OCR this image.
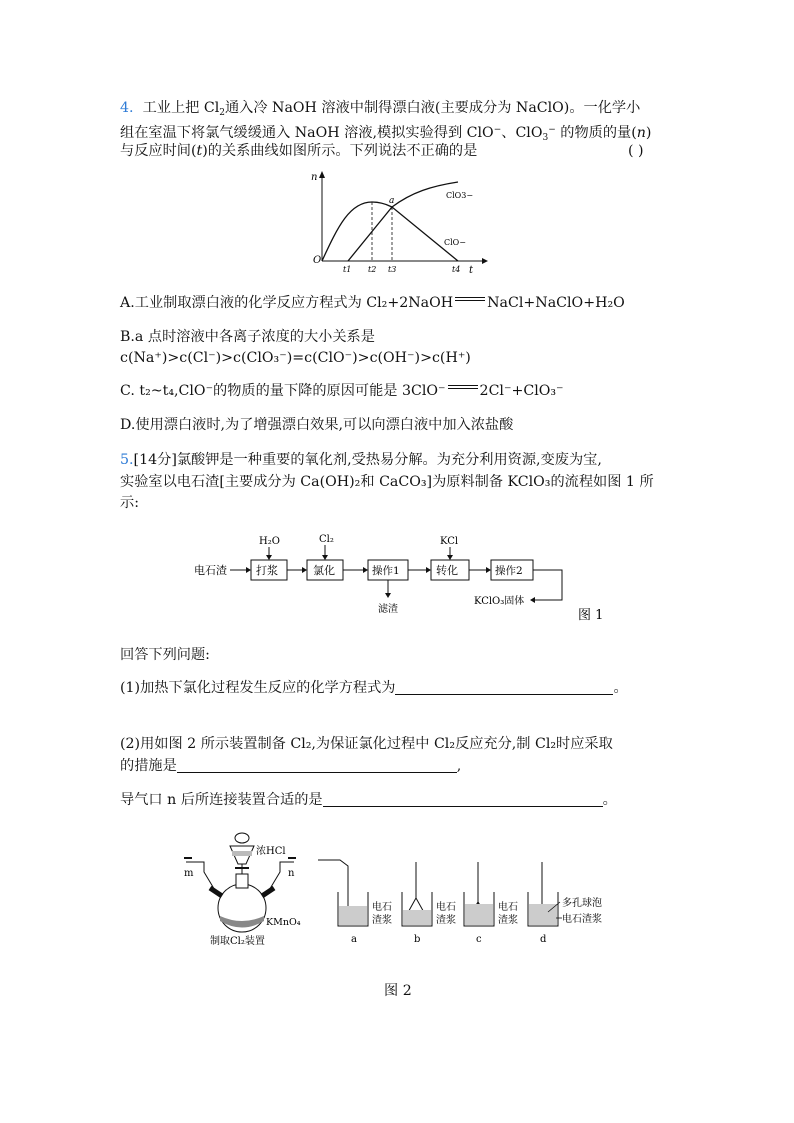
4. 工业上把 $Cl_2$通入冷 NaOH 溶液中制得漂白液(主要成分为 NaClO)。一化学小
组在室温下将氯气缓缓通入 NaOH 溶液,模拟实验得到 ClO−、ClO$_3$− 的物质的量(n)
与反应时间(t)的关系曲线如图所示。下列说法不正确的是	( )
n
t
O
a
ClO3−
ClO−
t1 t2 t3	t4
A.工业制取漂白液的化学反应方程式为 Cl₂+2NaOH NaCl+NaClO+H₂O
B.a 点时溶液中各离子浓度的大小关系是
c(Na⁺)>c(Cl⁻)>c(ClO₃⁻)=c(ClO⁻)>c(OH⁻)>c(H⁺)
C. t₂~t₄,ClO⁻的物质的量下降的原因可能是 3ClO⁻ 2Cl⁻+ClO₃⁻
D.使用漂白液时,为了增强漂白效果,可以向漂白液中加入浓盐酸
5.[14分]氯酸钾是一种重要的氧化剂,受热易分解。为充分利用资源,变废为宝,
实验室以电石渣[主要成分为 Ca(OH)₂和 CaCO₃]为原料制备 KClO₃的流程如图 1 所
示:
电石渣	打浆	氯化	操作1	转化	操作2
KClO₃固体
H₂O	Cl₂	KCl
滤渣	图 1
回答下列问题:
(1)加热下氯化过程发生反应的化学方程式为	。
(2)用如图 2 所示装置制备 Cl₂,为保证氯化过程中 Cl₂反应充分,制 Cl₂时应采取
的措施是	,
导气口 n 后所连接装置合适的是	。
浓HCl
m	n
KMnO₄
制取Cl₂装置
电石
渣浆
a
电石
渣浆
b
电石
渣浆
c
多孔球泡
电石渣浆
d
图 2
